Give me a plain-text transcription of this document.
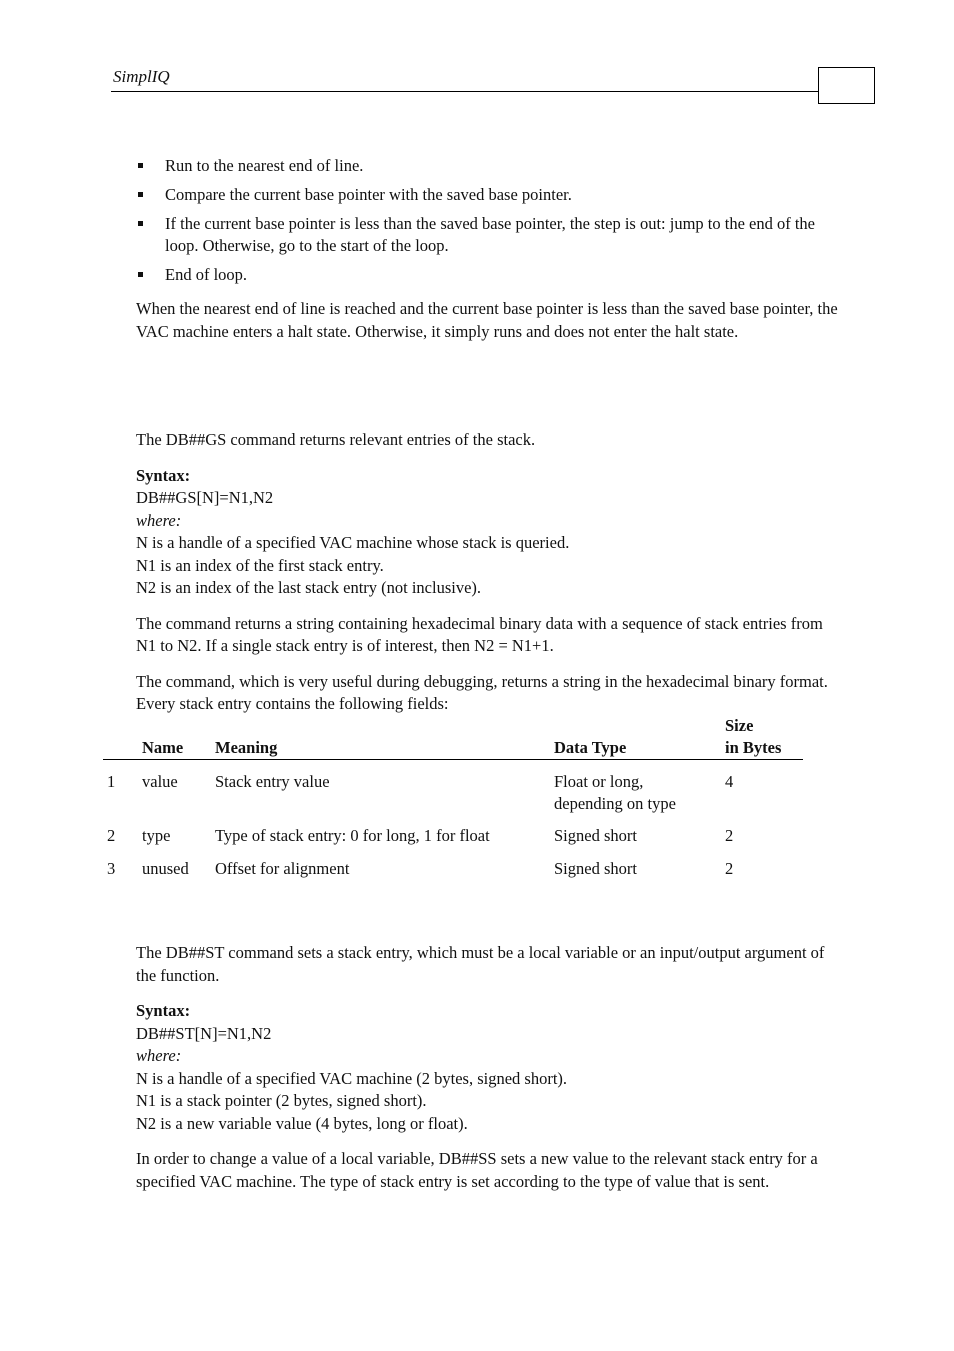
SimplIQ
Run to the nearest end of line.
Compare the current base pointer with the saved base pointer.
If the current base pointer is less than the saved base pointer, the step is out: jump to the end of the loop. Otherwise, go to the start of the loop.
End of loop.

When the nearest end of line is reached and the current base pointer is less than the saved base pointer, the VAC machine enters a halt state. Otherwise, it simply runs and does not enter the halt state.

The DB##GS command returns relevant entries of the stack.

Syntax:

DB##GS[N]=N1,N2

where:

N is a handle of a specified VAC machine whose stack is queried.

N1 is an index of the first stack entry.

N2 is an index of the last stack entry (not inclusive).

The command returns a string containing hexadecimal binary data with a sequence of stack entries from N1 to N2. If a single stack entry is of interest, then N2 = N1+1.

The command, which is very useful during debugging, returns a string in the hexadecimal binary format. Every stack entry contains the following fields:

	Name	Meaning	Data Type	Size
in Bytes
1	value	Stack entry value	Float or long,
depending on type	4
2	type	Type of stack entry: 0 for long, 1 for float	Signed short	2
3	unused	Offset for alignment	Signed short	2

The DB##ST command sets a stack entry, which must be a local variable or an input/output argument of the function.

Syntax:

DB##ST[N]=N1,N2

where:

N is a handle of a specified VAC machine (2 bytes, signed short).

N1 is a stack pointer (2 bytes, signed short).

N2 is a new variable value (4 bytes, long or float).

In order to change a value of a local variable, DB##SS sets a new value to the relevant stack entry for a specified VAC machine. The type of stack entry is set according to the type of value that is sent.
